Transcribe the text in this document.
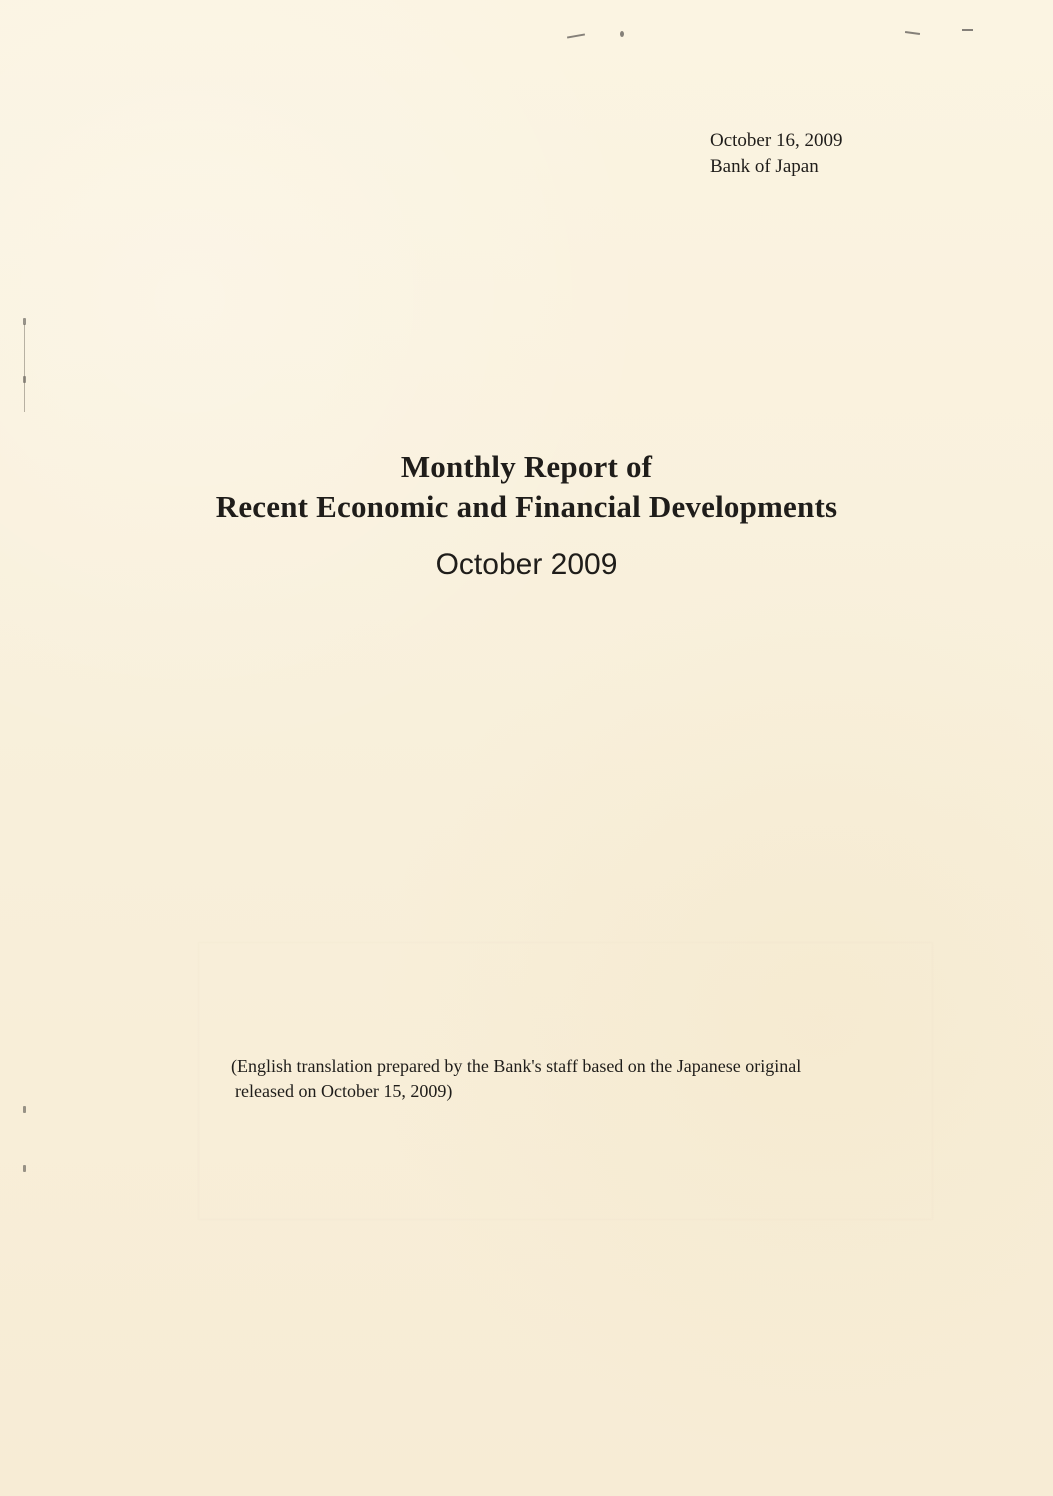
October 16, 2009
Bank of Japan
Monthly Report of
Recent Economic and Financial Developments
October 2009

(English translation prepared by the Bank's staff based on the Japanese original
released on October 15, 2009)
